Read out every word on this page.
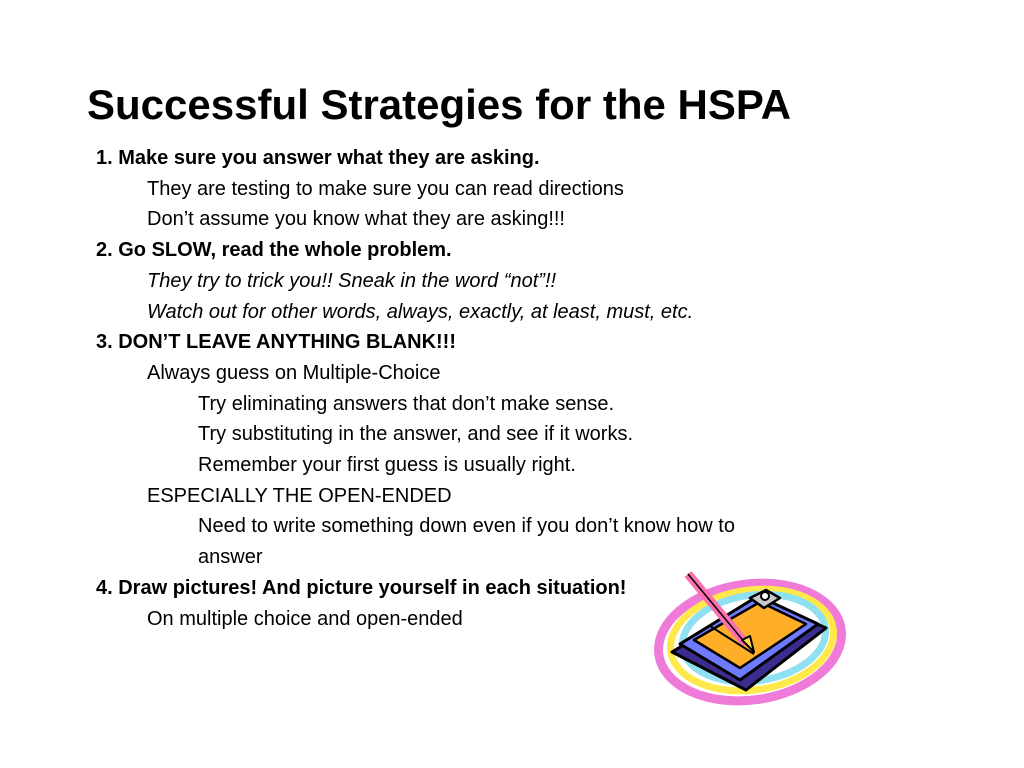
Successful Strategies for the HSPA
1. Make sure you answer what they are asking.
They are testing to make sure you can read directions
Don’t assume you know what they are asking!!!
2. Go SLOW, read the whole problem.
They try to trick you!! Sneak in the word “not”!!
Watch out for other words, always, exactly, at least, must, etc.
3. DON’T LEAVE ANYTHING BLANK!!!
Always guess on Multiple-Choice
Try eliminating answers that don’t make sense.
Try substituting in the answer, and see if it works.
Remember your first guess is usually right.
ESPECIALLY THE OPEN-ENDED
Need to write something down even if you don’t know how to
answer
4. Draw pictures! And picture yourself in each situation!
On multiple choice and open-ended
